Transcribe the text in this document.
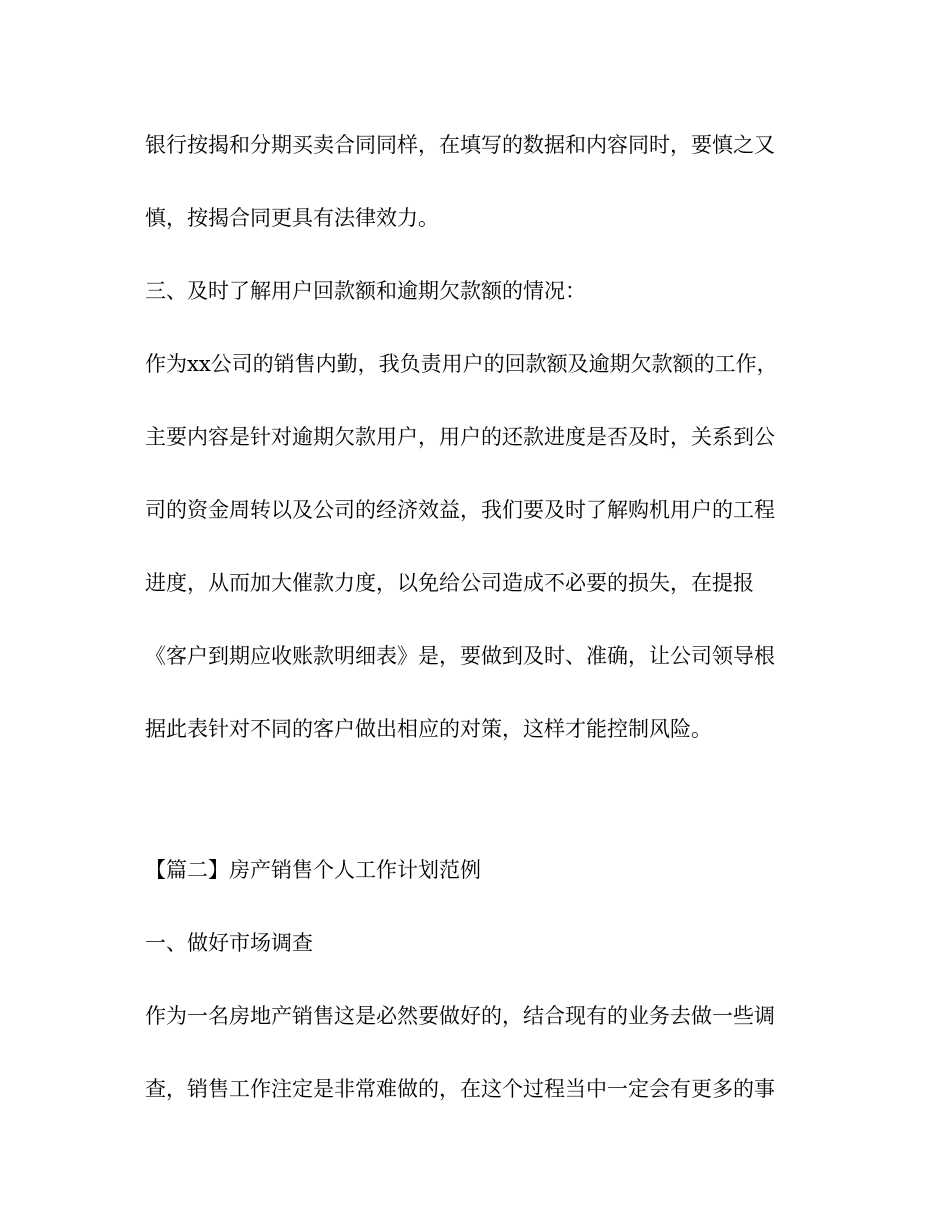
银行按揭和分期买卖合同同样，在填写的数据和内容同时，要慎之又
慎，按揭合同更具有法律效力。
三、及时了解用户回款额和逾期欠款额的情况：
作为xx公司的销售内勤，我负责用户的回款额及逾期欠款额的工作，
主要内容是针对逾期欠款用户，用户的还款进度是否及时，关系到公
司的资金周转以及公司的经济效益，我们要及时了解购机用户的工程
进度，从而加大催款力度，以免给公司造成不必要的损失，在提报
《客户到期应收账款明细表》是，要做到及时、准确，让公司领导根
据此表针对不同的客户做出相应的对策，这样才能控制风险。
【篇二】房产销售个人工作计划范例
一、做好市场调查
作为一名房地产销售这是必然要做好的，结合现有的业务去做一些调
查，销售工作注定是非常难做的，在这个过程当中一定会有更多的事
